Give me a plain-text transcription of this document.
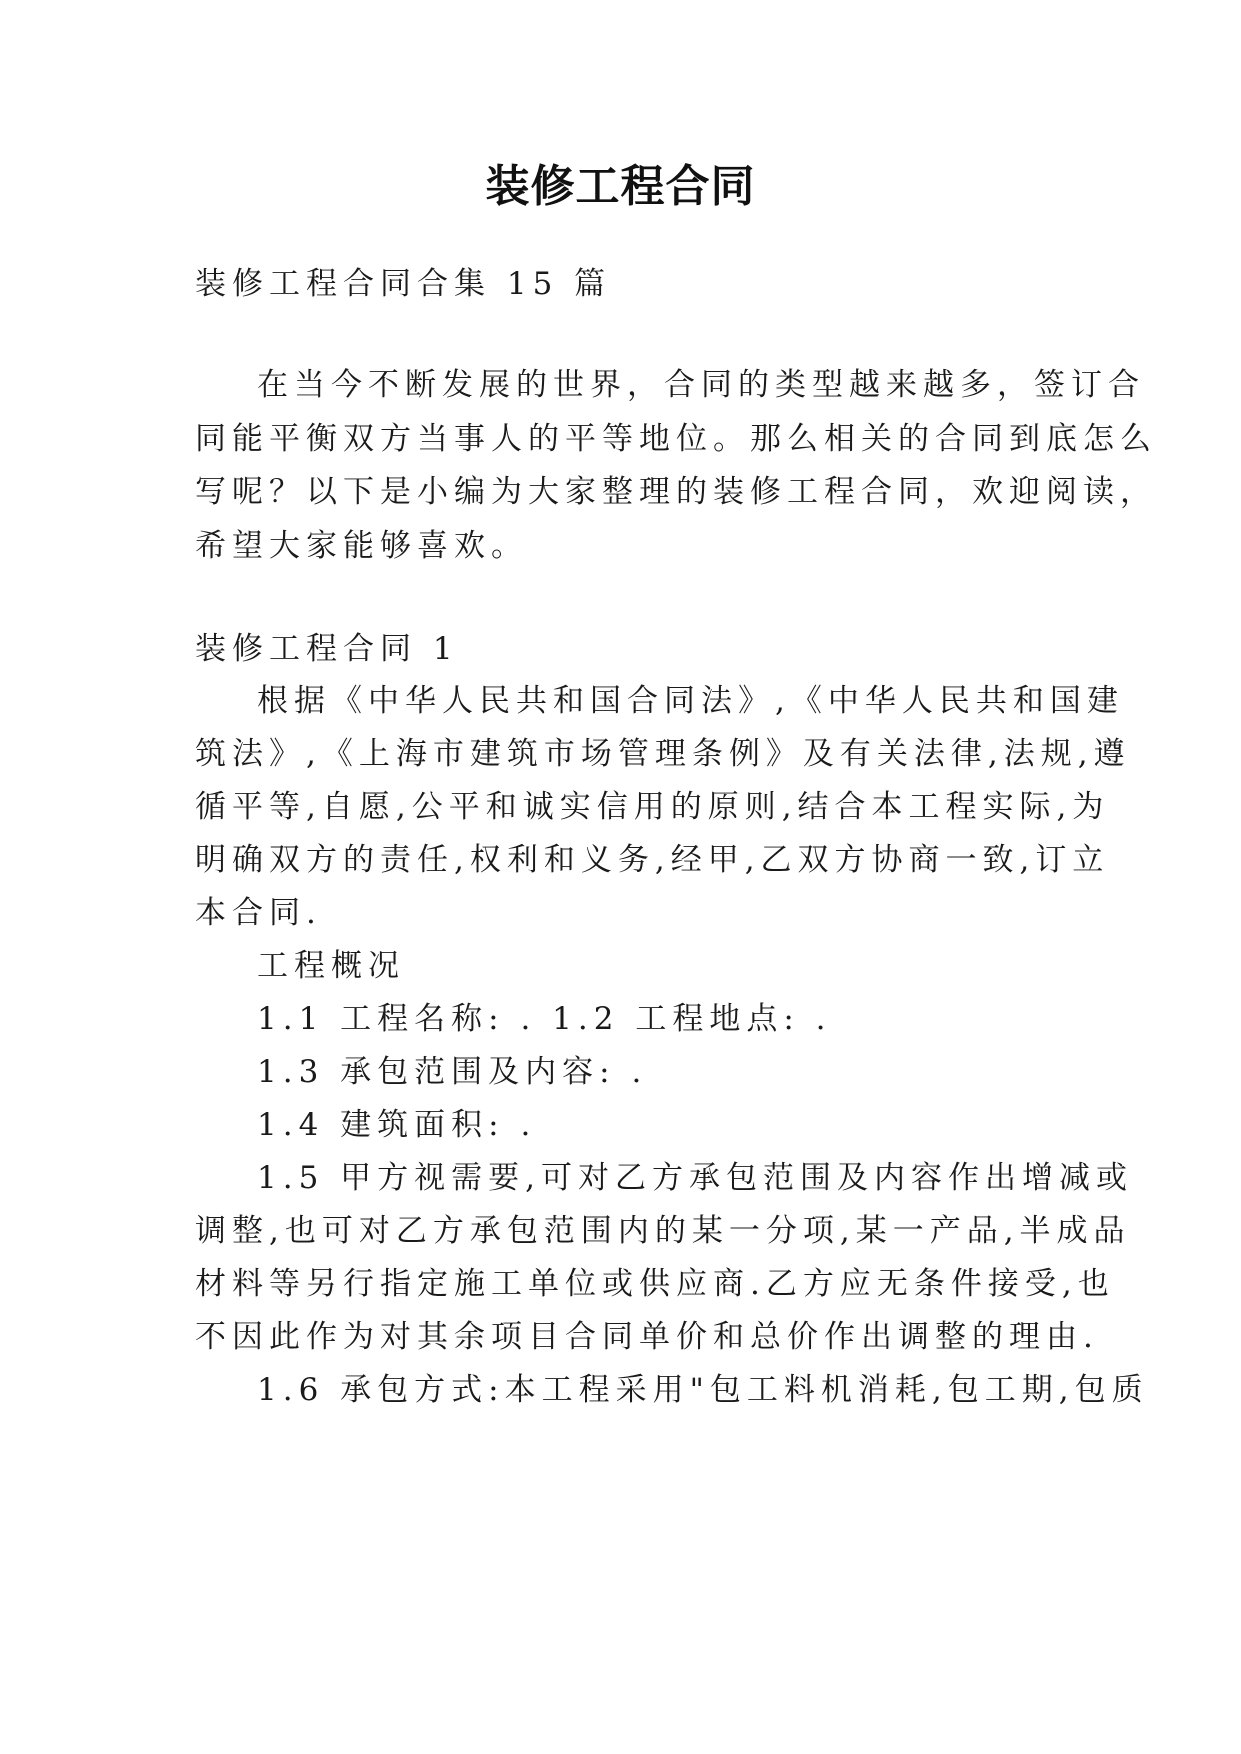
装修工程合同

装修工程合同合集 15 篇

在当今不断发展的世界，合同的类型越来越多，签订合

同能平衡双方当事人的平等地位。那么相关的合同到底怎么

写呢？以下是小编为大家整理的装修工程合同，欢迎阅读，

希望大家能够喜欢。

装修工程合同 1

根据《中华人民共和国合同法》,《中华人民共和国建

筑法》,《上海市建筑市场管理条例》及有关法律,法规,遵

循平等,自愿,公平和诚实信用的原则,结合本工程实际,为

明确双方的责任,权利和义务,经甲,乙双方协商一致,订立

本合同.

工程概况

1.1 工程名称: . 1.2 工程地点: .

1.3 承包范围及内容: .

1.4 建筑面积: .

1.5 甲方视需要,可对乙方承包范围及内容作出增减或

调整,也可对乙方承包范围内的某一分项,某一产品,半成品

材料等另行指定施工单位或供应商.乙方应无条件接受,也

不因此作为对其余项目合同单价和总价作出调整的理由.

1.6 承包方式:本工程采用"包工料机消耗,包工期,包质
